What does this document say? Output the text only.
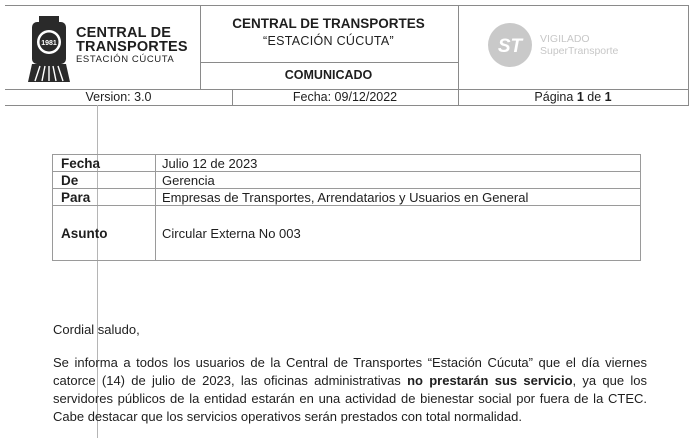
1981
CENTRAL DE
TRANSPORTES
ESTACIÓN CÚCUTA
CENTRAL DE TRANSPORTES
“ESTACIÓN CÚCUTA”
COMUNICADO
ST VIGILADO
SuperTransporte
Version: 3.0	Fecha: 09/12/2022	Página 1 de 1
Fecha	Julio 12 de 2023
De	Gerencia
Para	Empresas de Transportes, Arrendatarios y Usuarios en General
Asunto	Circular Externa No 003
Cordial saludo,
Se informa a todos los usuarios de la Central de Transportes “Estación Cúcuta” que el día viernes catorce (14) de julio de 2023, las oficinas administrativas no prestarán sus servicio, ya que los servidores públicos de la entidad estarán en una actividad de bienestar social por fuera de la CTEC. Cabe destacar que los servicios operativos serán prestados con total normalidad.
